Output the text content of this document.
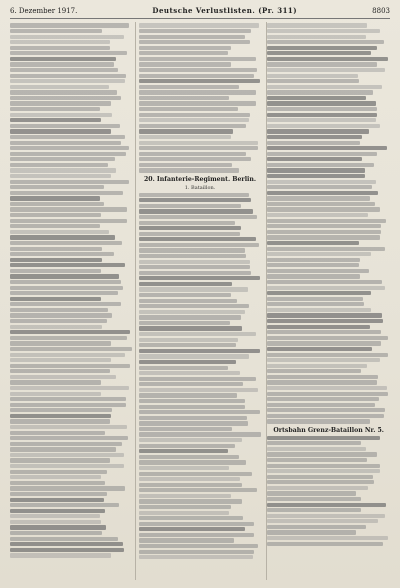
6. Dezember 1917.	Deutsche Verlustlisten. (Pr. 311)	8803
20. Infanterie-Regiment. Berlin.
1. Bataillon.
Ortsbahn Grenz-Bataillon Nr. 5.
